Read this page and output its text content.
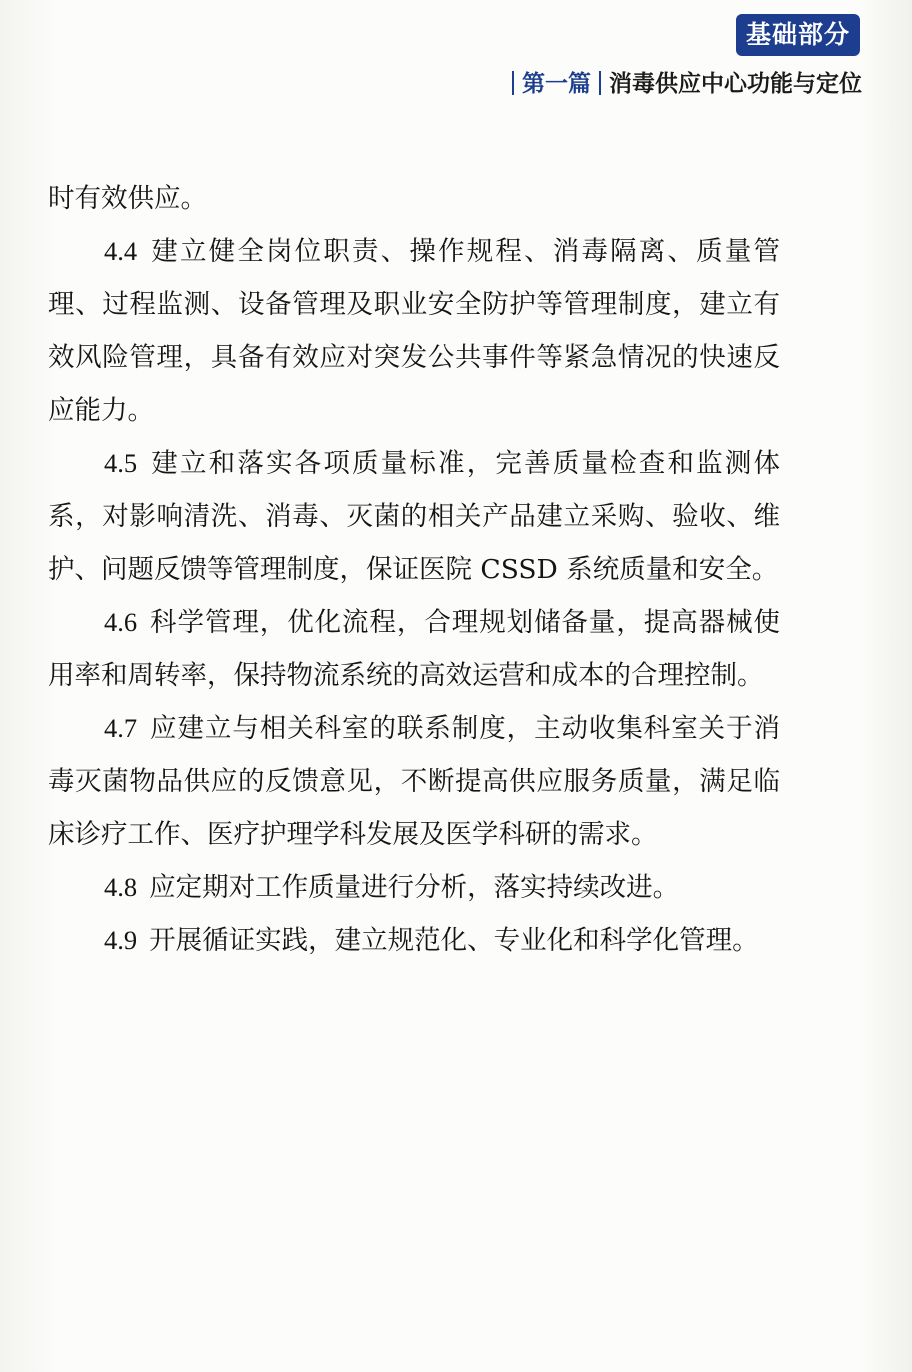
基础部分
第一篇 消毒供应中心功能与定位

时有效供应。

4.4 建立健全岗位职责、操作规程、消毒隔离、质量管理、过程监测、设备管理及职业安全防护等管理制度，建立有效风险管理，具备有效应对突发公共事件等紧急情况的快速反应能力。

4.5 建立和落实各项质量标准，完善质量检查和监测体系，对影响清洗、消毒、灭菌的相关产品建立采购、验收、维护、问题反馈等管理制度，保证医院 CSSD 系统质量和安全。

4.6 科学管理，优化流程，合理规划储备量，提高器械使用率和周转率，保持物流系统的高效运营和成本的合理控制。

4.7 应建立与相关科室的联系制度，主动收集科室关于消毒灭菌物品供应的反馈意见，不断提高供应服务质量，满足临床诊疗工作、医疗护理学科发展及医学科研的需求。

4.8 应定期对工作质量进行分析，落实持续改进。

4.9 开展循证实践，建立规范化、专业化和科学化管理。
